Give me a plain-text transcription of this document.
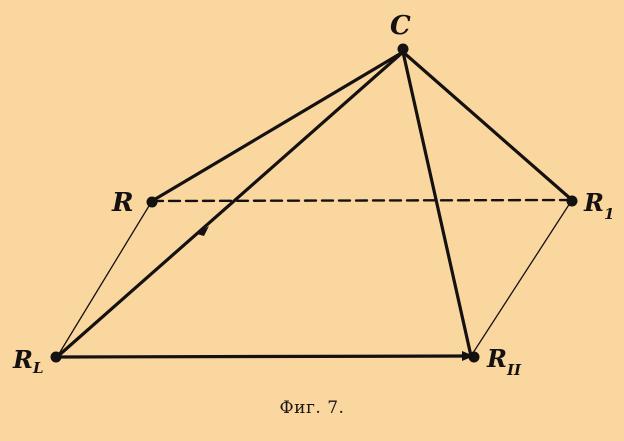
C
R	$R_1$
$R_L$	$R_{II}$
Фиг. 7.
